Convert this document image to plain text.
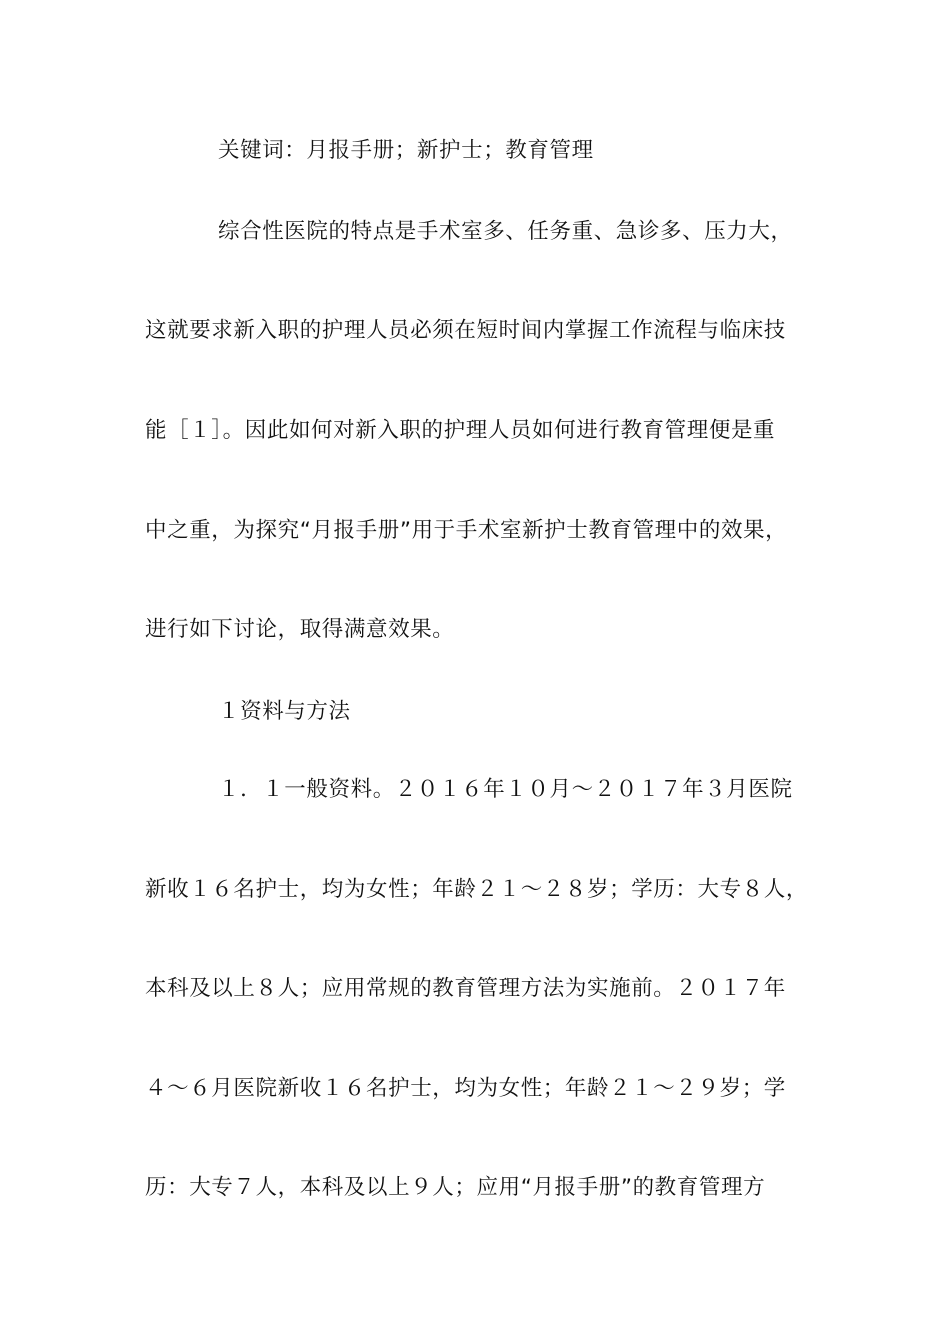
关键词：月报手册；新护士；教育管理
综合性医院的特点是手术室多、任务重、急诊多、压力大，
这就要求新入职的护理人员必须在短时间内掌握工作流程与临床技
能［１］。因此如何对新入职的护理人员如何进行教育管理便是重
中之重，为探究“月报手册”用于手术室新护士教育管理中的效果，
进行如下讨论，取得满意效果。
１资料与方法
１．１一般资料。２０１６年１０月～２０１７年３月医院
新收１６名护士，均为女性；年龄２１～２８岁；学历：大专８人，
本科及以上８人；应用常规的教育管理方法为实施前。２０１７年
４～６月医院新收１６名护士，均为女性；年龄２１～２９岁；学
历：大专７人，本科及以上９人；应用“月报手册”的教育管理方
